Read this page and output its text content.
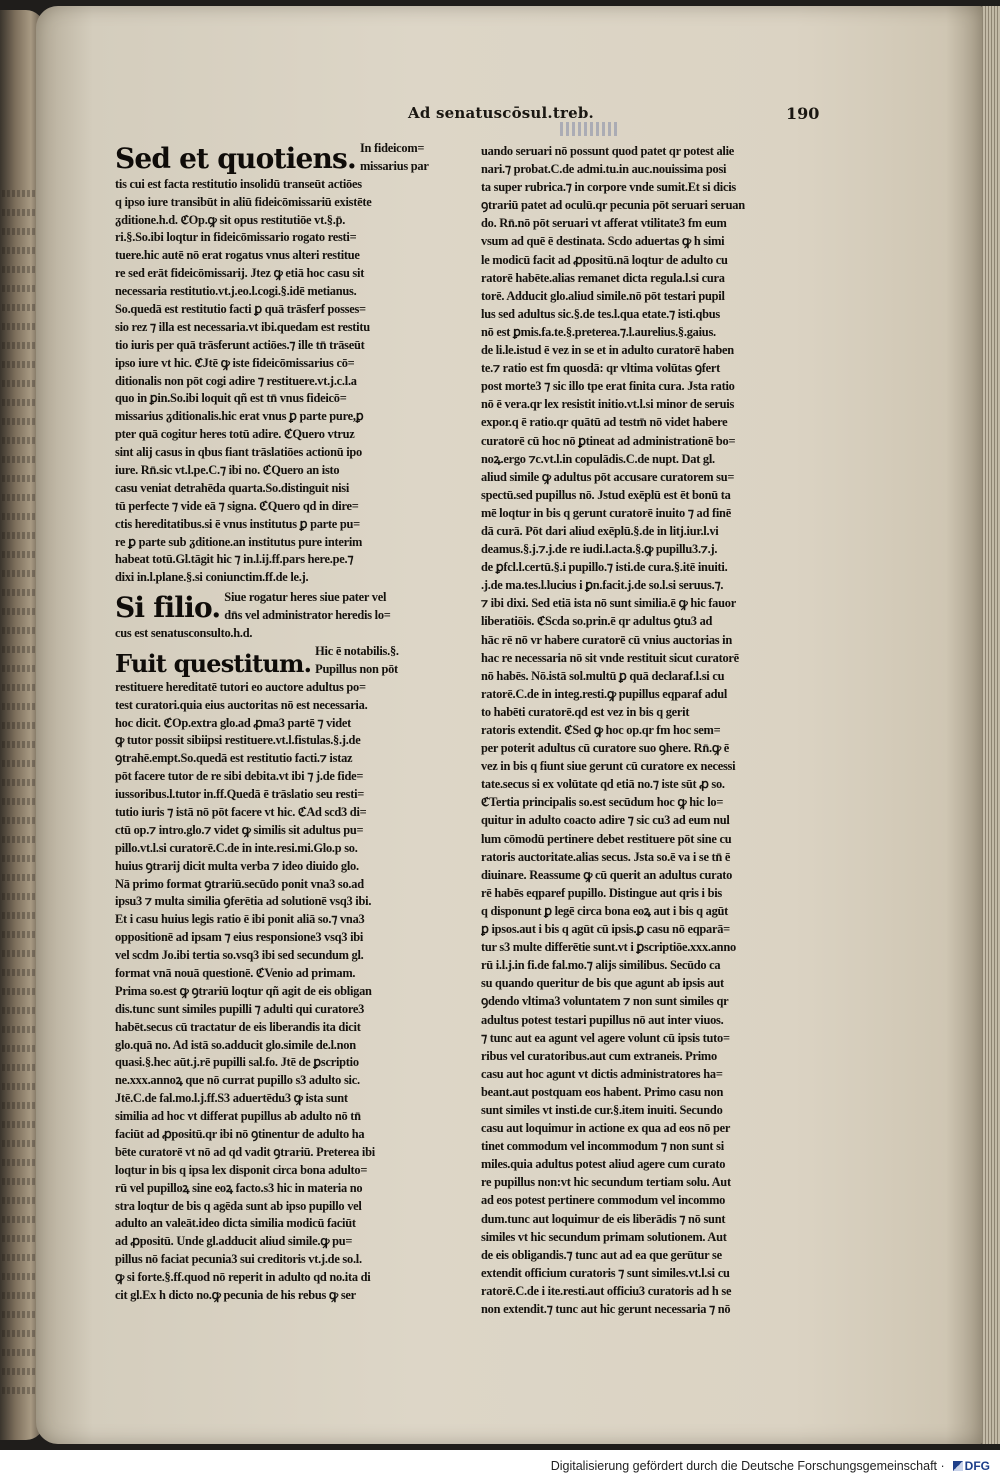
Ad senatuscōsul.treb.	190
Sed et quotiens. In fideicom=
missarius par
tis cui est facta restitutio insolidū transeūt actiōes
q ipso iure transibūt in aliū fideicōmissariū existēte
ᵹditione.h.d. ℭOp.ꝙ sit opus restitutiōe vt.§.p̄.
ri.§.So.ibi loqtur in fideicōmissario rogato resti=
tuere.hic autē nō erat rogatus vnus alteri restitue
re sed erāt fideicōmissarij. Jtez ꝙ etiā hoc casu sit
necessaria restitutio.vt.j.eo.l.cogi.§.idē metianus.
So.quedā est restitutio facti ꝑ quā trāsferf posses=
sio rez ⁊ illa est necessaria.vt ibi.quedam est restitu
tio iuris per quā trāsferunt actiōes.⁊ ille tn̄ trāseūt
ipso iure vt hic. ℭJtē ꝙ iste fideicōmissarius cō=
ditionalis non pōt cogi adire ⁊ restituere.vt.j.c.l.a
quo in ꝑin.So.ibi loquit qñ est tn̄ vnus fideicō=
missarius ᵹditionalis.hic erat vnus ꝑ parte pure,ꝑ
pter quā cogitur heres totū adire. ℭQuero vtruz
sint alij casus in qbus fiant trāslatiōes actionū ipo
iure. Rn̄.sic vt.l.pe.C.⁊ ibi no. ℭQuero an isto
casu veniat detrahēda quarta.So.distinguit nisi
tū perfecte ⁊ vide eā ⁊ signa. ℭQuero qd in dire=
ctis hereditatibus.si ē vnus institutus ꝑ parte pu=
re ꝑ parte sub ᵹditione.an institutus pure interim
habeat totū.Gl.tāgit hic ⁊ in.l.ij.ff.pars here.pe.⁊
dixi in.l.plane.§.si coniunctim.ff.de le.j.
Si filio. Siue rogatur heres siue pater vel
dn̄s vel administrator heredis lo=
cus est senatusconsulto.h.d.
Fuit questitum. Hic ē notabilis.§.
Pupillus non pōt
restituere hereditatē tutori eo auctore adultus po=
test curatori.quia eius auctoritas nō est necessaria.
hoc dicit. ℭOp.extra glo.ad ꝓma3 partē ⁊ videt
ꝙ tutor possit sibiipsi restituere.vt.l.fistulas.§.j.de
ꝯtrahē.empt.So.quedā est restitutio facti.⁊ istaz
pōt facere tutor de re sibi debita.vt ibi ⁊ j.de fide=
iussoribus.l.tutor in.ff.Quedā ē trāslatio seu resti=
tutio iuris ⁊ istā nō pōt facere vt hic. ℭAd scd3 di=
ctū op.⁊ intro.glo.⁊ videt ꝙ similis sit adultus pu=
pillo.vt.l.si curatorē.C.de in inte.resi.mi.Glo.p so.
huius ꝯtrarij dicit multa verba ⁊ ideo diuido glo.
Nā primo format ꝯtrariū.secūdo ponit vna3 so.ad
ipsu3 ⁊ multa similia ꝯferētia ad solutionē vsq3 ibi.
Et i casu huius legis ratio ē ibi ponit aliā so.⁊ vna3
oppositionē ad ipsam ⁊ eius responsione3 vsq3 ibi
vel scdm Jo.ibi tertia so.vsq3 ibi sed secundum gl.
format vnā nouā questionē. ℭVenio ad primam.
Prima so.est ꝙ ꝯtrariū loqtur qñ agit de eis obligan
dis.tunc sunt similes pupilli ⁊ adulti qui curatore3
habēt.secus cū tractatur de eis liberandis ita dicit
glo.quā no. Ad istā so.adducit glo.simile de.l.non
quasi.§.hec aūt.j.rē pupilli sal.fo. Jtē de ꝑscriptio
ne.xxx.annoꝝ que nō currat pupillo s3 adulto sic.
Jtē.C.de fal.mo.l.j.ff.S3 aduertēdu3 ꝙ ista sunt
similia ad hoc vt differat pupillus ab adulto nō tn̄
faciūt ad ꝓpositū.qr ibi nō ꝯtinentur de adulto ha
bēte curatorē vt nō ad qd vadit ꝯtrariū. Preterea ibi
loqtur in bis q ipsa lex disponit circa bona adulto=
rū vel pupilloꝝ sine eoꝝ facto.s3 hic in materia no
stra loqtur de bis q agēda sunt ab ipso pupillo vel
adulto an valeāt.ideo dicta similia modicū faciūt
ad ꝓpositū. Unde gl.adducit aliud simile.ꝙ pu=
pillus nō faciat pecunia3 sui creditoris vt.j.de so.l.
ꝙ si forte.§.ff.quod nō reperit in adulto qd no.ita di
cit gl.Ex h dicto no.ꝙ pecunia de his rebus ꝙ ser
uando seruari nō possunt quod patet qr potest alie
nari.⁊ probat.C.de admi.tu.in auc.nouissima posi
ta super rubrica.⁊ in corpore vnde sumit.Et si dicis
ꝯtrariū patet ad oculū.qr pecunia pōt seruari seruan
do. Rn̄.nō pōt seruari vt afferat vtilitate3 fm eum
vsum ad quē ē destinata. Scdo aduertas ꝙ h simi
le modicū facit ad ꝓpositū.nā loqtur de adulto cu
ratorē habēte.alias remanet dicta regula.l.si cura
torē. Adducit glo.aliud simile.nō pōt testari pupil
lus sed adultus sic.§.de tes.l.qua etate.⁊ isti.qbus
nō est ꝑmis.fa.te.§.preterea.⁊.l.aurelius.§.gaius.
de li.le.istud ē vez in se et in adulto curatorē haben
te.⁊ ratio est fm quosdā: qr vltima volūtas ꝯfert
post morte3 ⁊ sic illo tpe erat finita cura. Jsta ratio
nō ē vera.qr lex resistit initio.vt.l.si minor de seruis
expor.q ē ratio.qr quātū ad testm̄ nō videt habere
curatorē cū hoc nō ꝑtineat ad administrationē bo=
noꝝ.ergo ⁊c.vt.l.in copulādis.C.de nupt. Dat gl.
aliud simile ꝙ adultus pōt accusare curatorem su=
spectū.sed pupillus nō. Jstud exēplū est ēt bonū ta
mē loqtur in bis q gerunt curatorē inuito ⁊ ad finē
dā curā. Pōt dari aliud exēplū.§.de in litj.iur.l.vi
deamus.§.j.⁊.j.de re iudi.l.acta.§.ꝙ pupillu3.⁊.j.
de ꝑfcl.l.certū.§.i pupillo.⁊ isti.de cura.§.itē inuiti.
.j.de ma.tes.l.lucius i ꝑn.facit.j.de so.l.si seruus.⁊.
⁊ ibi dixi. Sed etiā ista nō sunt similia.ē ꝙ hic fauor
liberatiōis. ℭScda so.prin.ē qr adultus ꝯtu3 ad
hāc rē nō vr habere curatorē cū vnius auctorias in
hac re necessaria nō sit vnde restituit sicut curatorē
nō habēs. Nō.istā sol.multū ꝑ quā declaraf.l.si cu
ratorē.C.de in integ.resti.ꝙ pupillus eqparaf adul
to habēti curatorē.qd est vez in bis q gerit
ratoris extendit. ℭSed ꝙ hoc op.qr fm hoc sem=
per poterit adultus cū curatore suo ꝯhere. Rn̄.ꝙ ē
vez in bis q fiunt siue gerunt cū curatore ex necessi
tate.secus si ex volūtate qd etiā no.⁊ iste sūt ꝓ so.
ℭTertia principalis so.est secūdum hoc ꝙ hic lo=
quitur in adulto coacto adire ⁊ sic cu3 ad eum nul
lum cōmodū pertinere debet restituere pōt sine cu
ratoris auctoritate.alias secus. Jsta so.ē va i se tn̄ ē
diuinare. Reassume ꝙ cū querit an adultus curato
rē habēs eqparef pupillo. Distingue aut qris i bis
q disponunt ꝑ legē circa bona eoꝝ aut i bis q agūt
ꝑ ipsos.aut i bis q agūt cū ipsis.ꝑ casu nō eqparā=
tur s3 multe differētie sunt.vt i ꝑscriptiōe.xxx.anno
rū i.l.j.in fi.de fal.mo.⁊ alijs similibus. Secūdo ca
su quando queritur de bis que agunt ab ipsis aut
ꝯdendo vltima3 voluntatem ⁊ non sunt similes qr
adultus potest testari pupillus nō aut inter viuos.
⁊ tunc aut ea agunt vel agere volunt cū ipsis tuto=
ribus vel curatoribus.aut cum extraneis. Primo
casu aut hoc agunt vt dictis administratores ha=
beant.aut postquam eos habent. Primo casu non
sunt similes vt insti.de cur.§.item inuiti. Secundo
casu aut loquimur in actione ex qua ad eos nō per
tinet commodum vel incommodum ⁊ non sunt si
miles.quia adultus potest aliud agere cum curato
re pupillus non:vt hic secundum tertiam solu. Aut
ad eos potest pertinere commodum vel incommo
dum.tunc aut loquimur de eis liberādis ⁊ nō sunt
similes vt hic secundum primam solutionem. Aut
de eis obligandis.⁊ tunc aut ad ea que gerūtur se
extendit officium curatoris ⁊ sunt similes.vt.l.si cu
ratorē.C.de i ite.resti.aut officiu3 curatoris ad h se
non extendit.⁊ tunc aut hic gerunt necessaria ⁊ nō
Digitalisierung gefördert durch die Deutsche Forschungsgemeinschaft · DFG
